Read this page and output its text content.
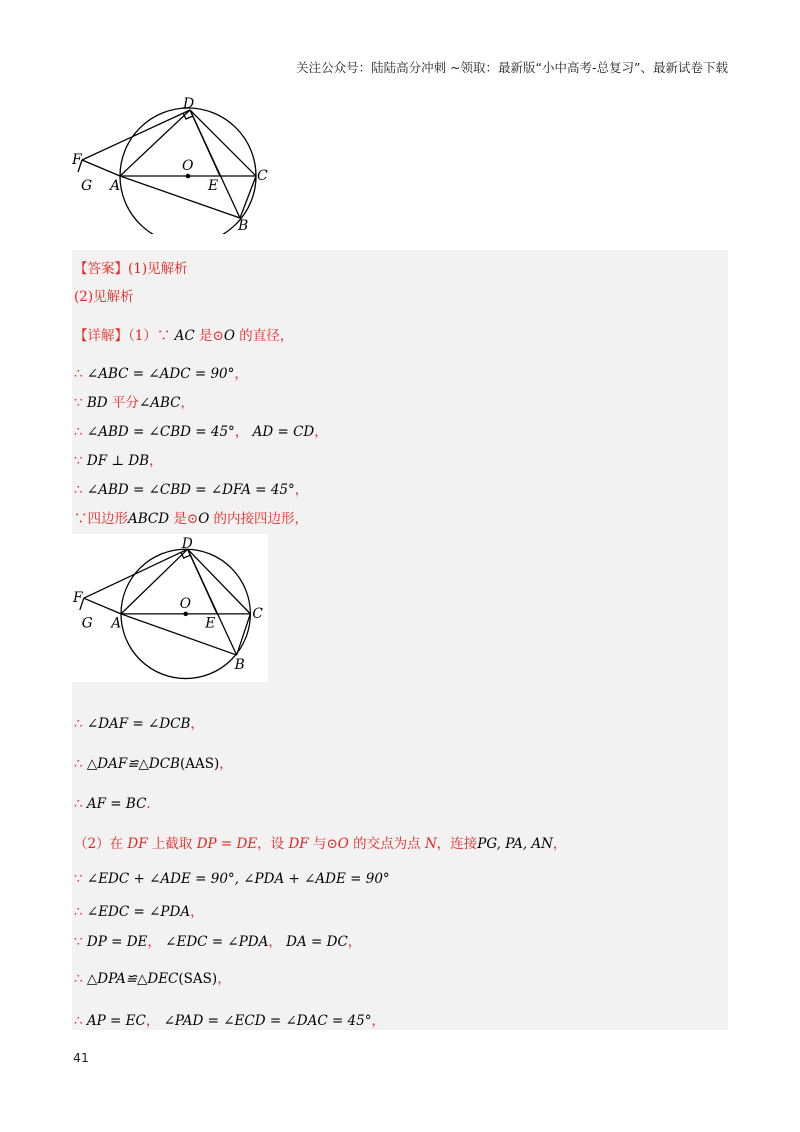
关注公众号：陆陆高分冲刺 ~领取：最新版“小中高考-总复习”、最新试卷下载
D
F	O
G A	E
C
B
【答案】(1)见解析
(2)见解析
【详解】（1）∵ AC 是⊙O 的直径，
∴ ∠ABC = ∠ADC = 90°，
∵ BD 平分∠ABC，
∴ ∠ABD = ∠CBD = 45°， AD = CD，
∵ DF ⊥ DB，
∴ ∠ABD = ∠CBD = ∠DFA = 45°，
∵四边形ABCD 是⊙O 的内接四边形，
D
F	O
G A	E
C
B
∴ ∠DAF = ∠DCB，
∴ △DAF≌△DCB(AAS)，
∴ AF = BC．
（2）在 DF 上截取 DP = DE，设 DF 与⊙O 的交点为点 N，连接PG, PA, AN，
∵ ∠EDC + ∠ADE = 90°, ∠PDA + ∠ADE = 90°
∴ ∠EDC = ∠PDA，
∵ DP = DE， ∠EDC = ∠PDA， DA = DC，
∴ △DPA≌△DEC(SAS)，
∴ AP = EC， ∠PAD = ∠ECD = ∠DAC = 45°，
41
